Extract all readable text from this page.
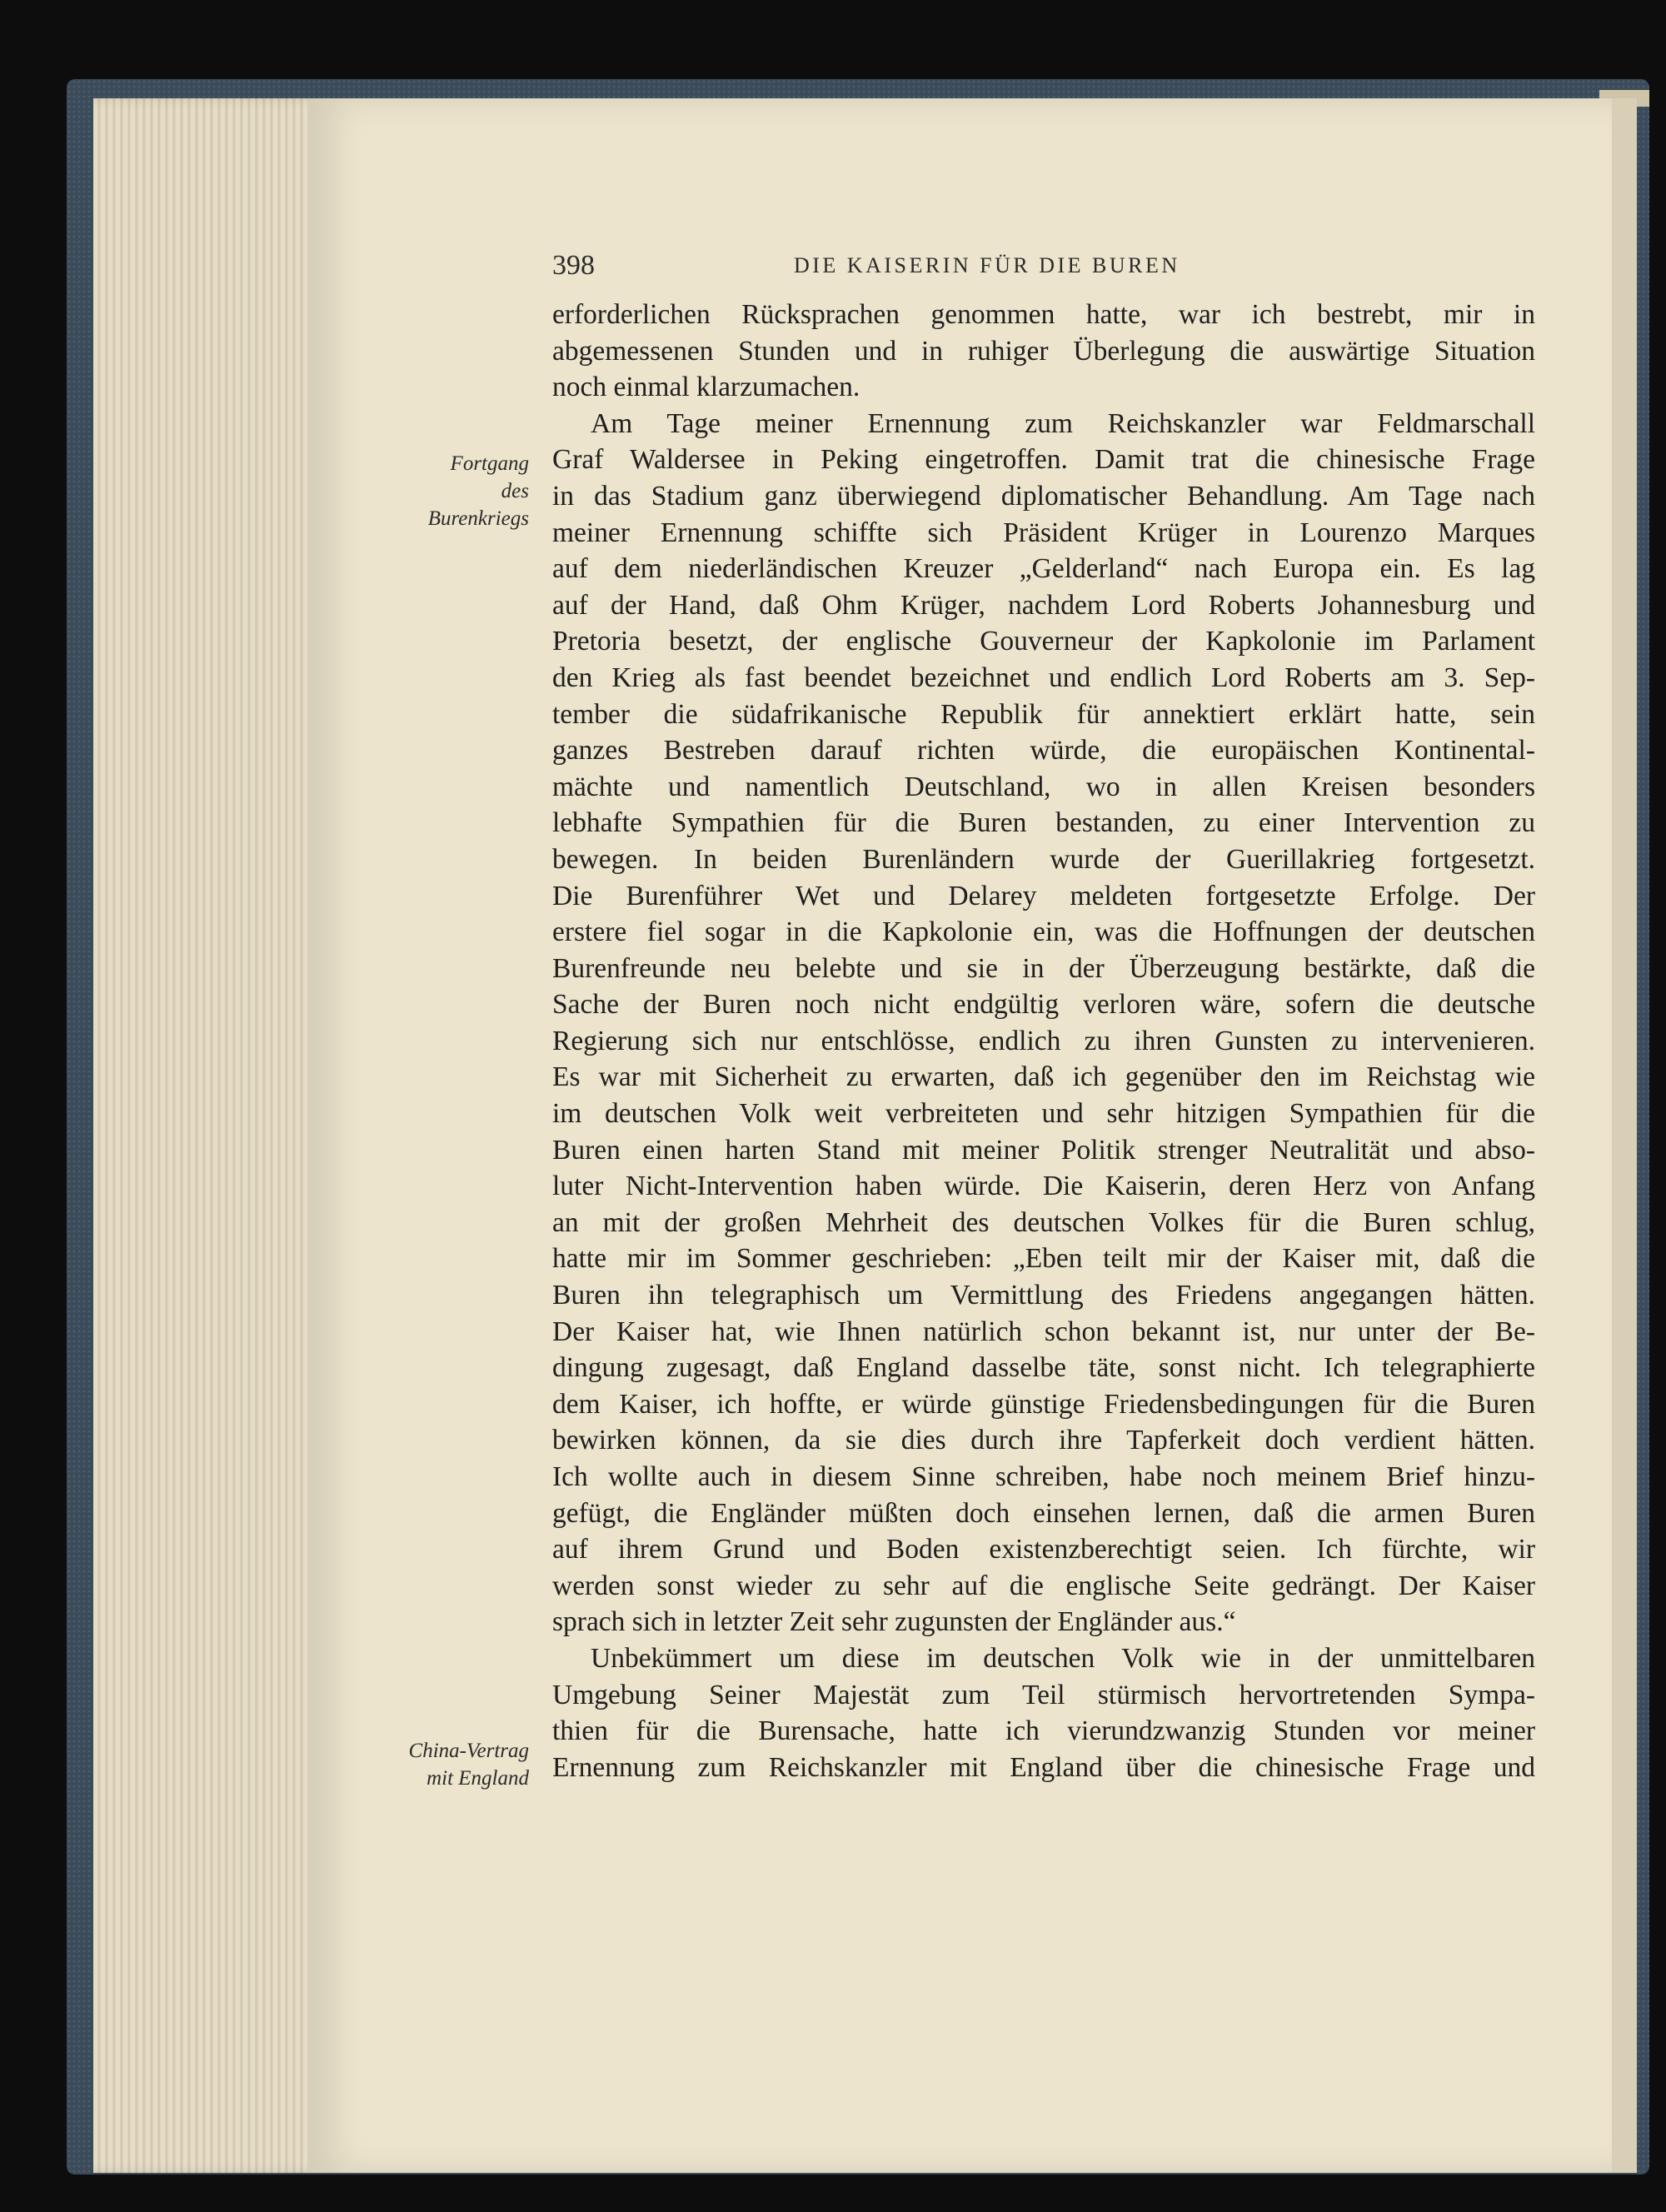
398	DIE KAISERIN FÜR DIE BUREN
Fortgang
des
Burenkriegs
China-Vertrag
mit England
erforderlichen Rücksprachen genommen hatte, war ich bestrebt, mir in
abgemessenen Stunden und in ruhiger Überlegung die auswärtige Situation
noch einmal klarzumachen.
Am Tage meiner Ernennung zum Reichskanzler war Feldmarschall
Graf Waldersee in Peking eingetroffen. Damit trat die chinesische Frage
in das Stadium ganz überwiegend diplomatischer Behandlung. Am Tage nach
meiner Ernennung schiffte sich Präsident Krüger in Lourenzo Marques
auf dem niederländischen Kreuzer „Gelderland“ nach Europa ein. Es lag
auf der Hand, daß Ohm Krüger, nachdem Lord Roberts Johannesburg und
Pretoria besetzt, der englische Gouverneur der Kapkolonie im Parlament
den Krieg als fast beendet bezeichnet und endlich Lord Roberts am 3. Sep-
tember die südafrikanische Republik für annektiert erklärt hatte, sein
ganzes Bestreben darauf richten würde, die europäischen Kontinental-
mächte und namentlich Deutschland, wo in allen Kreisen besonders
lebhafte Sympathien für die Buren bestanden, zu einer Intervention zu
bewegen. In beiden Burenländern wurde der Guerillakrieg fortgesetzt.
Die Burenführer Wet und Delarey meldeten fortgesetzte Erfolge. Der
erstere fiel sogar in die Kapkolonie ein, was die Hoffnungen der deutschen
Burenfreunde neu belebte und sie in der Überzeugung bestärkte, daß die
Sache der Buren noch nicht endgültig verloren wäre, sofern die deutsche
Regierung sich nur entschlösse, endlich zu ihren Gunsten zu intervenieren.
Es war mit Sicherheit zu erwarten, daß ich gegenüber den im Reichstag wie
im deutschen Volk weit verbreiteten und sehr hitzigen Sympathien für die
Buren einen harten Stand mit meiner Politik strenger Neutralität und abso-
luter Nicht-Intervention haben würde. Die Kaiserin, deren Herz von Anfang
an mit der großen Mehrheit des deutschen Volkes für die Buren schlug,
hatte mir im Sommer geschrieben: „Eben teilt mir der Kaiser mit, daß die
Buren ihn telegraphisch um Vermittlung des Friedens angegangen hätten.
Der Kaiser hat, wie Ihnen natürlich schon bekannt ist, nur unter der Be-
dingung zugesagt, daß England dasselbe täte, sonst nicht. Ich telegraphierte
dem Kaiser, ich hoffte, er würde günstige Friedensbedingungen für die Buren
bewirken können, da sie dies durch ihre Tapferkeit doch verdient hätten.
Ich wollte auch in diesem Sinne schreiben, habe noch meinem Brief hinzu-
gefügt, die Engländer müßten doch einsehen lernen, daß die armen Buren
auf ihrem Grund und Boden existenzberechtigt seien. Ich fürchte, wir
werden sonst wieder zu sehr auf die englische Seite gedrängt. Der Kaiser
sprach sich in letzter Zeit sehr zugunsten der Engländer aus.“
Unbekümmert um diese im deutschen Volk wie in der unmittelbaren
Umgebung Seiner Majestät zum Teil stürmisch hervortretenden Sympa-
thien für die Burensache, hatte ich vierundzwanzig Stunden vor meiner
Ernennung zum Reichskanzler mit England über die chinesische Frage und
